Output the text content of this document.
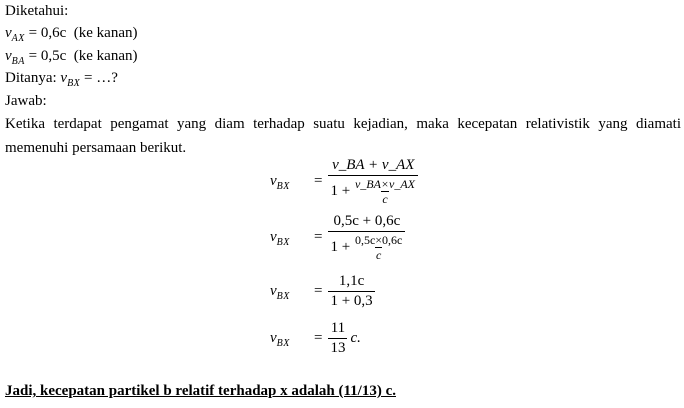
Diketahui:
$v_{AX} = 0,6c$ (ke kanan)
$v_{BA} = 0,5c$ (ke kanan)
Ditanya: $v_{BX}$ = …?
Jawab:
Ketika terdapat pengamat yang diam terhadap suatu kejadian, maka kecepatan relativistik yang diamati memenuhi persamaan berikut.
$v_{BX}$	= $\frac{v\_BA + v\_AX}{1 + \frac{v\_BA\times v\_AX}{c}}$
$v_{BX}$	= $\frac{0,5c + 0,6c}{1 + \frac{0,5c\times 0,6c}{c}}$
$v_{BX}$	= $\frac{1,1c}{1 + 0,3}$
$v_{BX}$	= $\frac{11}{13} c$.
Jadi, kecepatan partikel b relatif terhadap x adalah (11/13) c.
